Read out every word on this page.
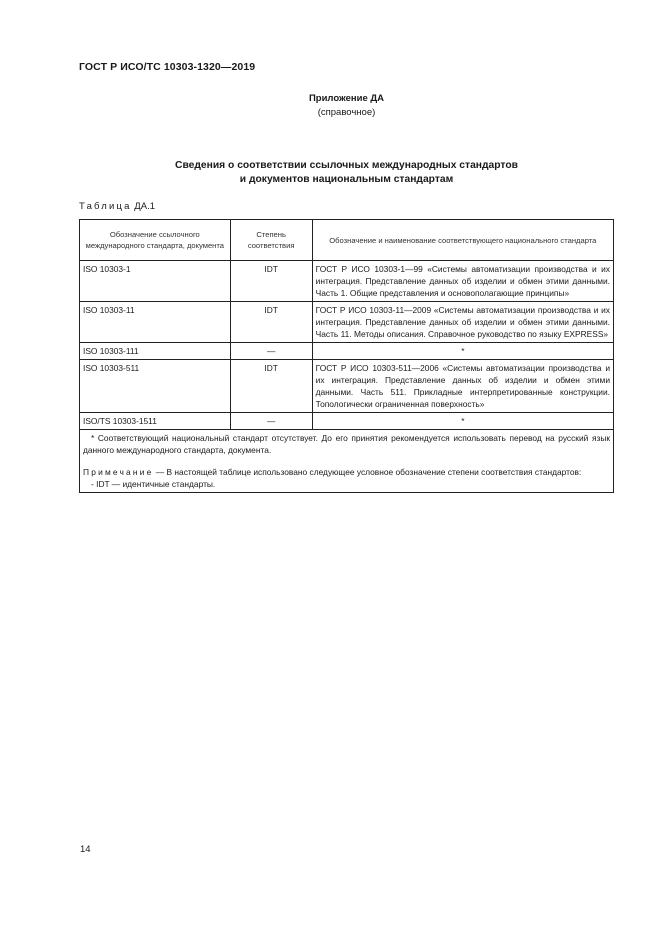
ГОСТ Р ИСО/ТС 10303-1320—2019
Приложение ДА
(справочное)
Сведения о соответствии ссылочных международных стандартов
и документов национальным стандартам
Таблица ДА.1
Обозначение ссылочного международного стандарта, документа	Степень соответствия	Обозначение и наименование соответствующего национального стандарта
ISO 10303-1	IDT	ГОСТ Р ИСО 10303-1—99 «Системы автоматизации производства и их интеграция. Представление данных об изделии и обмен этими данными. Часть 1. Общие представления и основополагающие принципы»
ISO 10303-11	IDT	ГОСТ Р ИСО 10303-11—2009 «Системы автоматизации производства и их интеграция. Представление данных об изделии и обмен этими данными. Часть 11. Методы описания. Справочное руководство по языку EXPRESS»
ISO 10303-111	—	*
ISO 10303-511	IDT	ГОСТ Р ИСО 10303-511—2006 «Системы автоматизации производства и их интеграция. Представление данных об изделии и обмен этими данными. Часть 511. Прикладные интерпретированные конструкции. Топологически ограниченная поверхность»
ISO/TS 10303-1511	—	*

* Соответствующий национальный стандарт отсутствует. До его принятия рекомендуется использовать перевод на русский язык данного международного стандарта, документа.

Примечание — В настоящей таблице использовано следующее условное обозначение степени соответствия стандартов:

- IDT — идентичные стандарты.		

14
